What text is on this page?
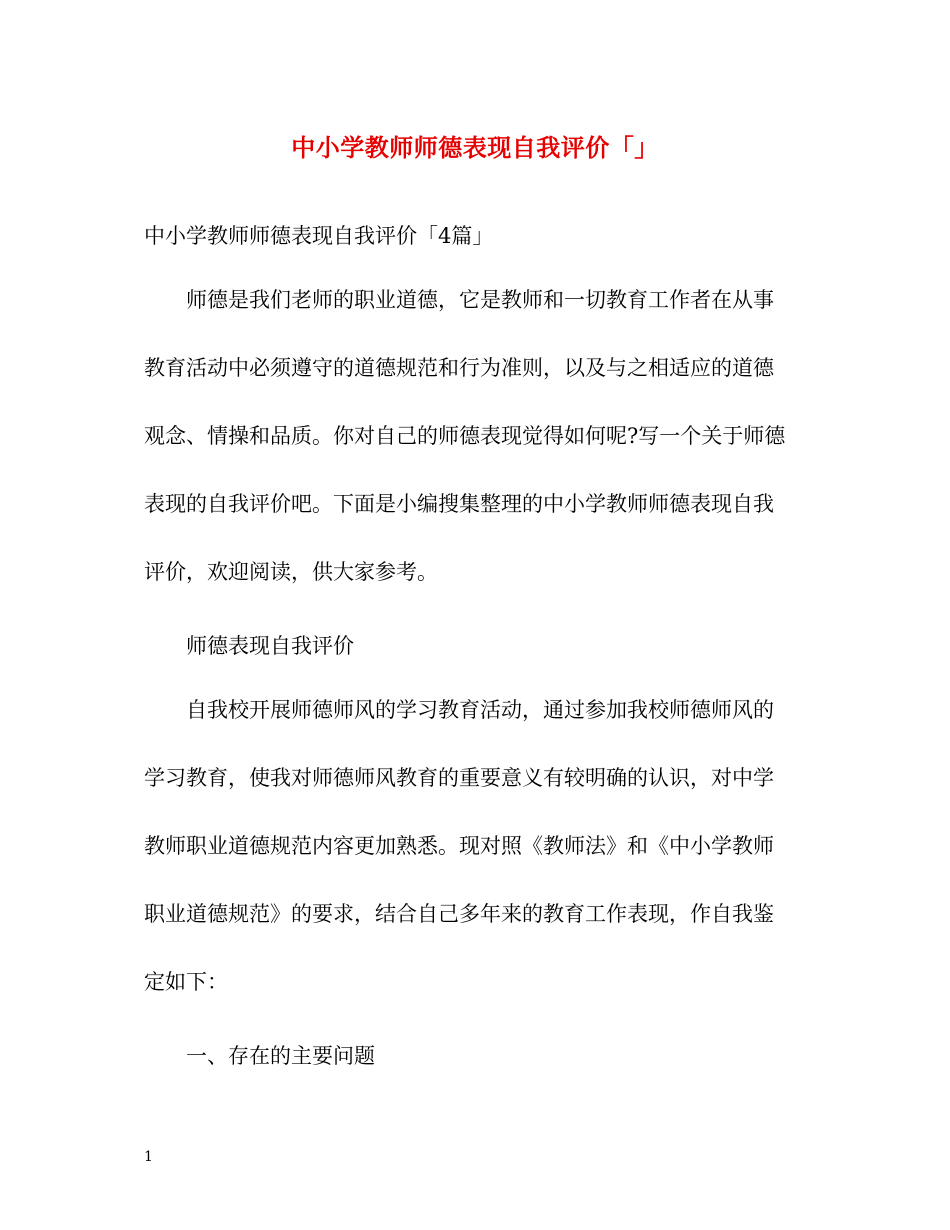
中小学教师师德表现自我评价「」
中小学教师师德表现自我评价「4篇」
师德是我们老师的职业道德，它是教师和一切教育工作者在从事
教育活动中必须遵守的道德规范和行为准则，以及与之相适应的道德
观念、情操和品质。你对自己的师德表现觉得如何呢?写一个关于师德
表现的自我评价吧。下面是小编搜集整理的中小学教师师德表现自我
评价，欢迎阅读，供大家参考。
师德表现自我评价
自我校开展师德师风的学习教育活动，通过参加我校师德师风的
学习教育，使我对师德师风教育的重要意义有较明确的认识，对中学
教师职业道德规范内容更加熟悉。现对照《教师法》和《中小学教师
职业道德规范》的要求，结合自己多年来的教育工作表现，作自我鉴
定如下：
一、存在的主要问题
1
